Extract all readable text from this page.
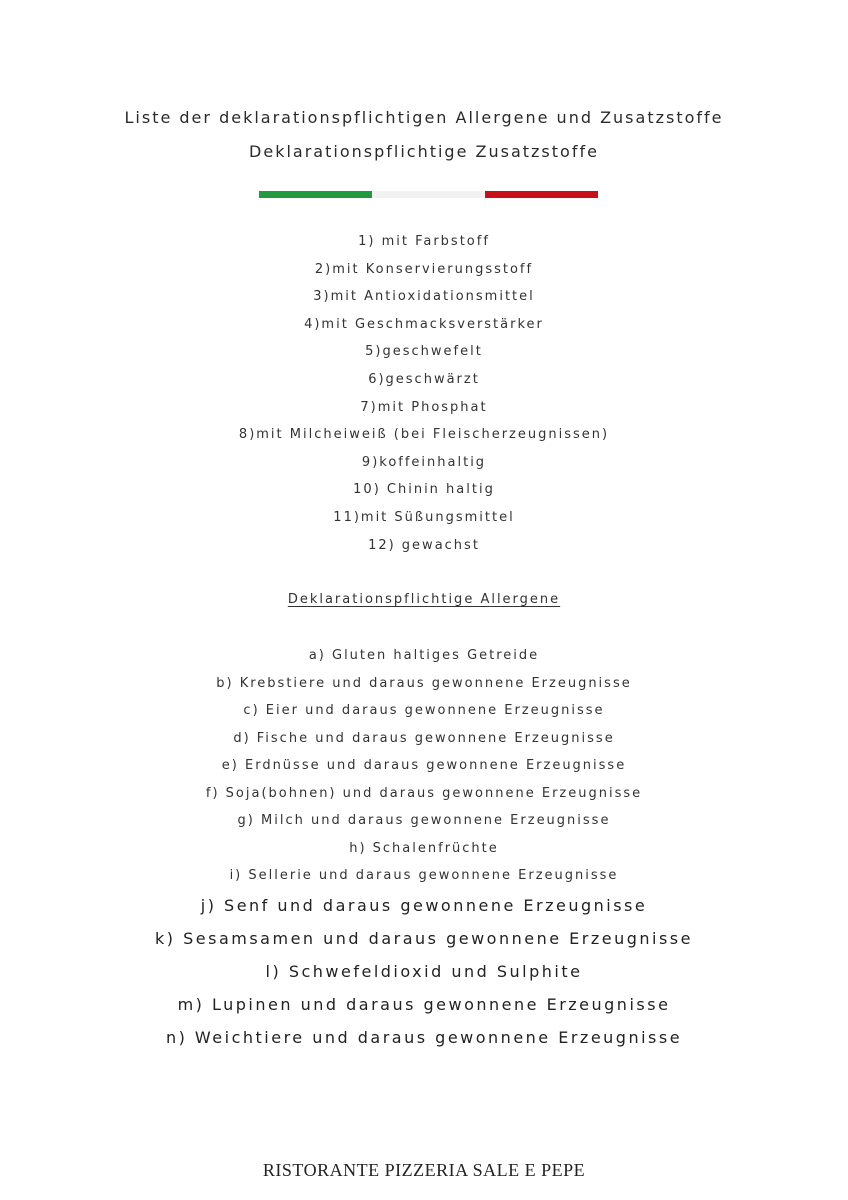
Liste der deklarationspflichtigen Allergene und Zusatzstoffe
Deklarationspflichtige Zusatzstoffe
1) mit Farbstoff
2)mit Konservierungsstoff
3)mit Antioxidationsmittel
4)mit Geschmacksverstärker
5)geschwefelt
6)geschwärzt
7)mit Phosphat
8)mit Milcheiweiß (bei Fleischerzeugnissen)
9)koffeinhaltig
10) Chinin haltig
11)mit Süßungsmittel
12) gewachst
Deklarationspflichtige Allergene
a) Gluten haltiges Getreide
b) Krebstiere und daraus gewonnene Erzeugnisse
c) Eier und daraus gewonnene Erzeugnisse
d) Fische und daraus gewonnene Erzeugnisse
e) Erdnüsse und daraus gewonnene Erzeugnisse
f) Soja(bohnen) und daraus gewonnene Erzeugnisse
g) Milch und daraus gewonnene Erzeugnisse
h) Schalenfrüchte
i) Sellerie und daraus gewonnene Erzeugnisse
j) Senf und daraus gewonnene Erzeugnisse
k) Sesamsamen und daraus gewonnene Erzeugnisse
l) Schwefeldioxid und Sulphite
m) Lupinen und daraus gewonnene Erzeugnisse
n) Weichtiere und daraus gewonnene Erzeugnisse
RISTORANTE PIZZERIA SALE E PEPE
